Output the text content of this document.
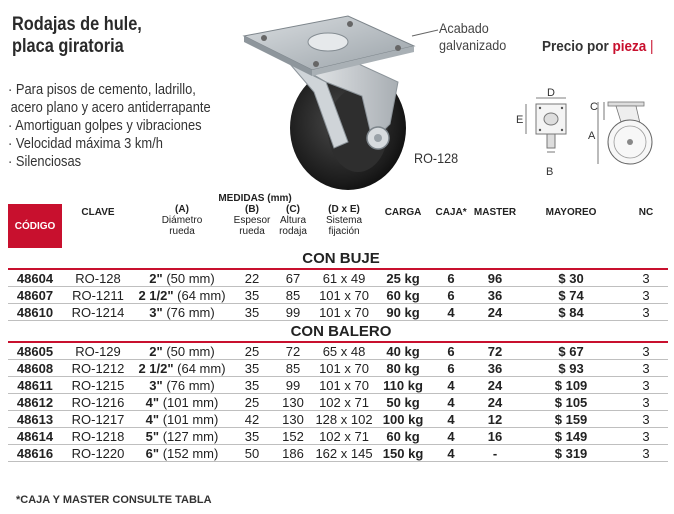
Rodajas de hule,
placa giratoria
· Para pisos de cemento, ladrillo,
acero plano y acero antiderrapante
· Amortiguan golpes y vibraciones
· Velocidad máxima 3 km/h
· Silenciosas
Acabado
galvanizado Precio por pieza |
RO-128
D
E
B
A
C
		MEDIDAS (mm)								
CÓDIGO	CLAVE	(A)
Diámetro
rueda	(B)
Espesor
rueda	(C)
Altura
rodaja	(D x E)
Sistema
fijación	CARGA	CAJA*	MASTER	MAYOREO	NC
CON BUJE										
48604	RO-128	2" (50 mm)	22	67	61 x 49	25 kg	6	96	$ 30	3
48607	RO-1211	2 1/2" (64 mm)	35	85	101 x 70	60 kg	6	36	$ 74	3
48610	RO-1214	3" (76 mm)	35	99	101 x 70	90 kg	4	24	$ 84	3
CON BALERO										
48605	RO-129	2" (50 mm)	25	72	65 x 48	40 kg	6	72	$ 67	3
48608	RO-1212	2 1/2" (64 mm)	35	85	101 x 70	80 kg	6	36	$ 93	3
48611	RO-1215	3" (76 mm)	35	99	101 x 70	110 kg	4	24	$ 109	3
48612	RO-1216	4" (101 mm)	25	130	102 x 71	50 kg	4	24	$ 105	3
48613	RO-1217	4" (101 mm)	42	130	128 x 102	100 kg	4	12	$ 159	3
48614	RO-1218	5" (127 mm)	35	152	102 x 71	60 kg	4	16	$ 149	3
48616	RO-1220	6" (152 mm)	50	186	162 x 145	150 kg	4	-	$ 319	3
*CAJA Y MASTER CONSULTE TABLA
